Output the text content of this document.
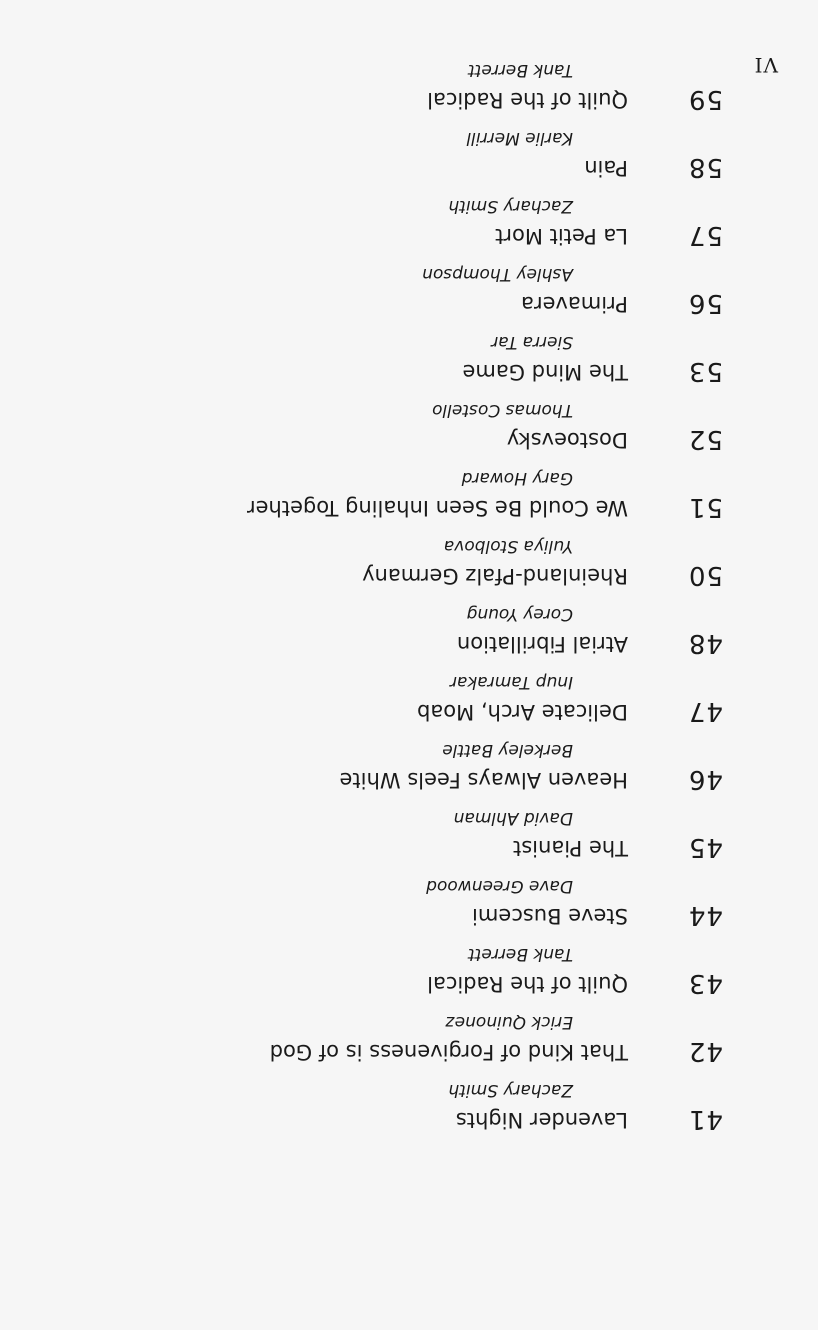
41
Lavender Nights
Zachary Smith
42
That Kind of Forgiveness is of God
Erick Quinonez
43
Quilt of the Radical
Tank Berrett
44
Steve Buscemi
Dave Greenwood
45
The Pianist
David Ahlman
46
Heaven Always Feels White
Berkeley Battle
47
Delicate Arch, Moab
Inup Tamrakar
48
Atrial Fibrillation
Corey Young
50
Rheinland-Pfalz Germany
Yuliya Stolbova
51
We Could Be Seen Inhaling Together
Gary Howard
52
Dostoevsky
Thomas Costello
53
The Mind Game
Sierra Tar
56
Primavera
Ashley Thompson
57
La Petit Mort
Zachary Smith
58
Pain
Karlie Merrill
59
Quilt of the Radical
Tank Berrett	VI
